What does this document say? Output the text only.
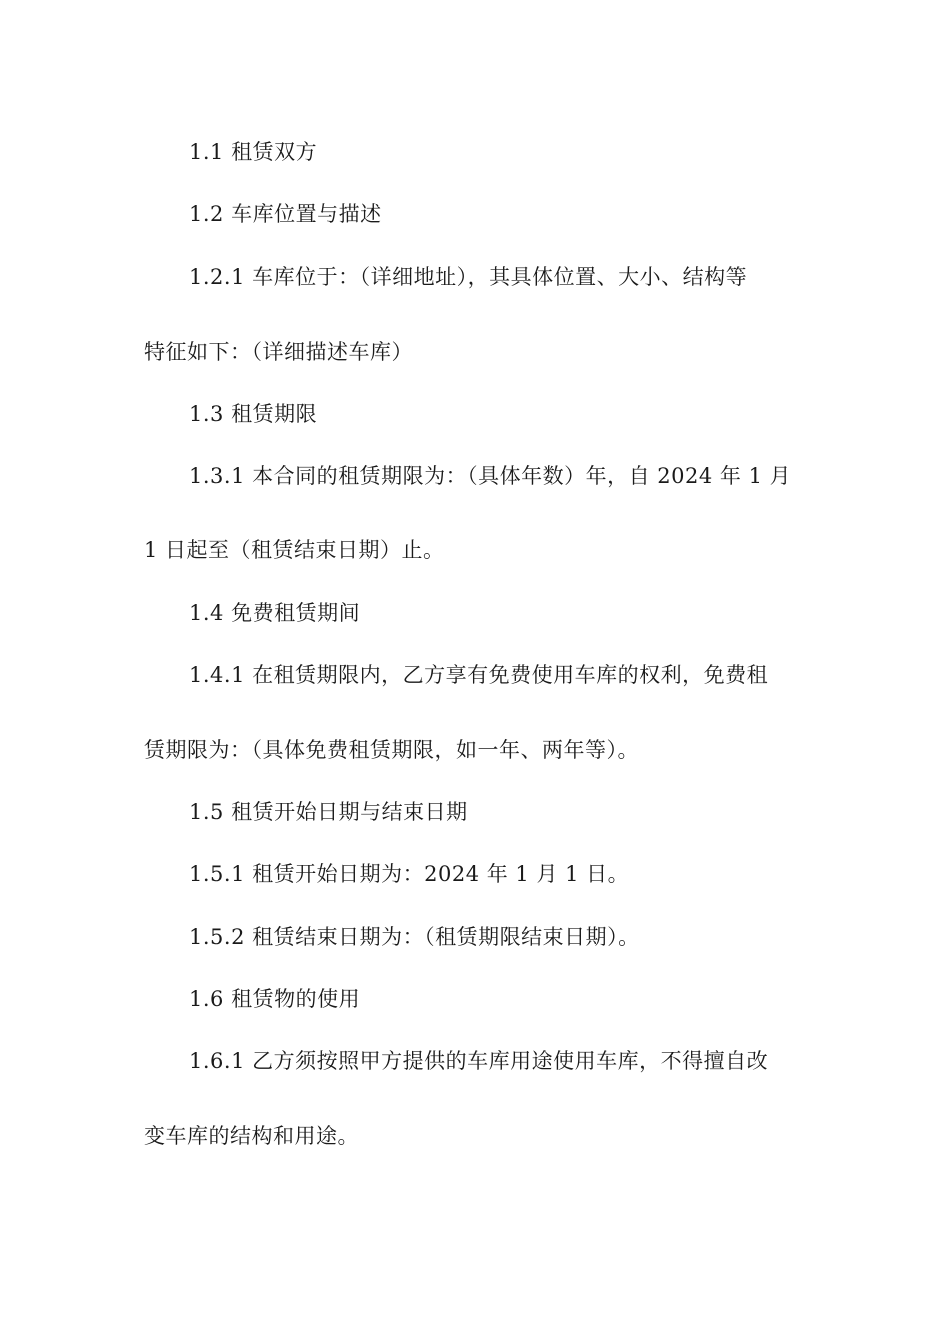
1.1 租赁双方
1.2 车库位置与描述
1.2.1 车库位于：（详细地址），其具体位置、大小、结构等
特征如下：（详细描述车库）
1.3 租赁期限
1.3.1 本合同的租赁期限为：（具体年数）年，自 2024 年 1 月
1 日起至（租赁结束日期）止。
1.4 免费租赁期间
1.4.1 在租赁期限内，乙方享有免费使用车库的权利，免费租
赁期限为：（具体免费租赁期限，如一年、两年等）。
1.5 租赁开始日期与结束日期
1.5.1 租赁开始日期为：2024 年 1 月 1 日。
1.5.2 租赁结束日期为：（租赁期限结束日期）。
1.6 租赁物的使用
1.6.1 乙方须按照甲方提供的车库用途使用车库，不得擅自改
变车库的结构和用途。
